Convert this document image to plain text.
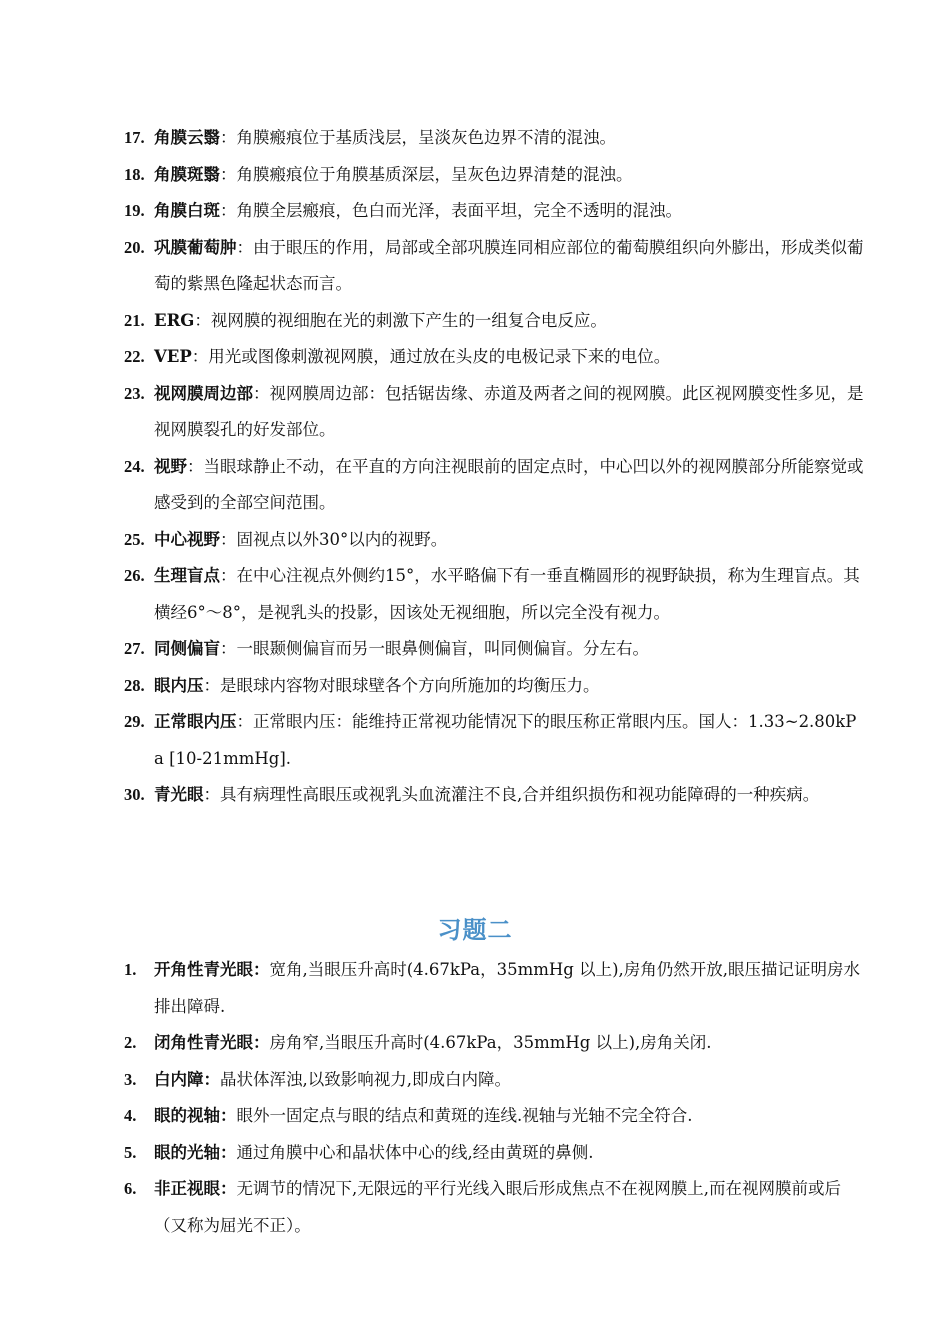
17. 角膜云翳：角膜瘢痕位于基质浅层，呈淡灰色边界不清的混浊。
18. 角膜斑翳：角膜瘢痕位于角膜基质深层，呈灰色边界清楚的混浊。
19. 角膜白斑：角膜全层瘢痕，色白而光泽，表面平坦，完全不透明的混浊。
20. 巩膜葡萄肿：由于眼压的作用，局部或全部巩膜连同相应部位的葡萄膜组织向外膨出，形成类似葡萄的紫黑色隆起状态而言。
21. ERG：视网膜的视细胞在光的刺激下产生的一组复合电反应。
22. VEP：用光或图像刺激视网膜，通过放在头皮的电极记录下来的电位。
23. 视网膜周边部：视网膜周边部：包括锯齿缘、赤道及两者之间的视网膜。此区视网膜变性多见，是视网膜裂孔的好发部位。
24. 视野：当眼球静止不动，在平直的方向注视眼前的固定点时，中心凹以外的视网膜部分所能察觉或感受到的全部空间范围。
25. 中心视野：固视点以外30°以内的视野。
26. 生理盲点：在中心注视点外侧约15°，水平略偏下有一垂直椭圆形的视野缺损，称为生理盲点。其横经6°～8°，是视乳头的投影，因该处无视细胞，所以完全没有视力。
27. 同侧偏盲：一眼颞侧偏盲而另一眼鼻侧偏盲，叫同侧偏盲。分左右。
28. 眼内压：是眼球内容物对眼球壁各个方向所施加的均衡压力。
29. 正常眼内压：正常眼内压：能维持正常视功能情况下的眼压称正常眼内压。国人：1.33~2.80kPa [10-21mmHg].
30. 青光眼：具有病理性高眼压或视乳头血流灌注不良,合并组织损伤和视功能障碍的一种疾病。
习题二
1. 开角性青光眼：宽角,当眼压升高时(4.67kPa，35mmHg 以上),房角仍然开放,眼压描记证明房水排出障碍.
2. 闭角性青光眼：房角窄,当眼压升高时(4.67kPa，35mmHg 以上),房角关闭.
3. 白内障：晶状体浑浊,以致影响视力,即成白内障。
4. 眼的视轴：眼外一固定点与眼的结点和黄斑的连线.视轴与光轴不完全符合.
5. 眼的光轴：通过角膜中心和晶状体中心的线,经由黄斑的鼻侧.
6. 非正视眼：无调节的情况下,无限远的平行光线入眼后形成焦点不在视网膜上,而在视网膜前或后（又称为屈光不正）。
